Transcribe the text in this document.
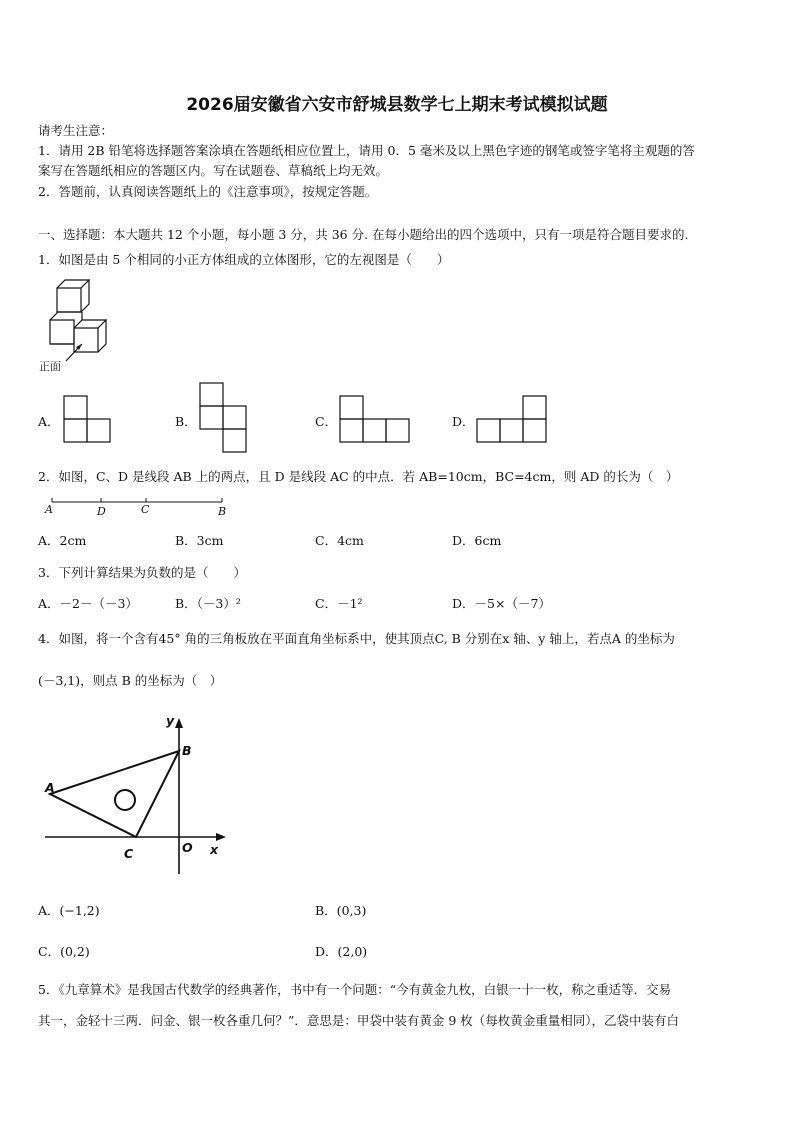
2026届安徽省六安市舒城县数学七上期末考试模拟试题
请考生注意：
1．请用 2B 铅笔将选择题答案涂填在答题纸相应位置上，请用 0．5 毫米及以上黑色字迹的钢笔或签字笔将主观题的答
案写在答题纸相应的答题区内。写在试题卷、草稿纸上均无效。
2．答题前，认真阅读答题纸上的《注意事项》，按规定答题。
一、选择题：本大题共 12 个小题，每小题 3 分，共 36 分. 在每小题给出的四个选项中，只有一项是符合题目要求的.
1．如图是由 5 个相同的小正方体组成的立体图形，它的左视图是（　　）
正面
A．	B．	C．	D．
2．如图，C、D 是线段 AB 上的两点，且 D 是线段 AC 的中点．若 AB=10cm，BC=4cm，则 AD 的长为（　）
A	D	C	B
A．2cm	B．3cm	C．4cm	D．6cm
3．下列计算结果为负数的是（　　）
A．－2－（－3）	B．（－3）²	C．－1²	D．－5×（－7）
4．如图，将一个含有45° 角的三角板放在平面直角坐标系中，使其顶点C, B 分别在x 轴、y 轴上，若点A 的坐标为
(－3,1)，则点 B 的坐标为（　）
y
x
A
B
C	O
A．(−1,2)	B．(0,3)
C．(0,2)	D．(2,0)
5．《九章算术》是我国古代数学的经典著作，书中有一个问题：“今有黄金九枚，白银一十一枚，称之重适等．交易
其一，金轻十三两．问金、银一枚各重几何？”．意思是：甲袋中装有黄金 9 枚（每枚黄金重量相同），乙袋中装有白
